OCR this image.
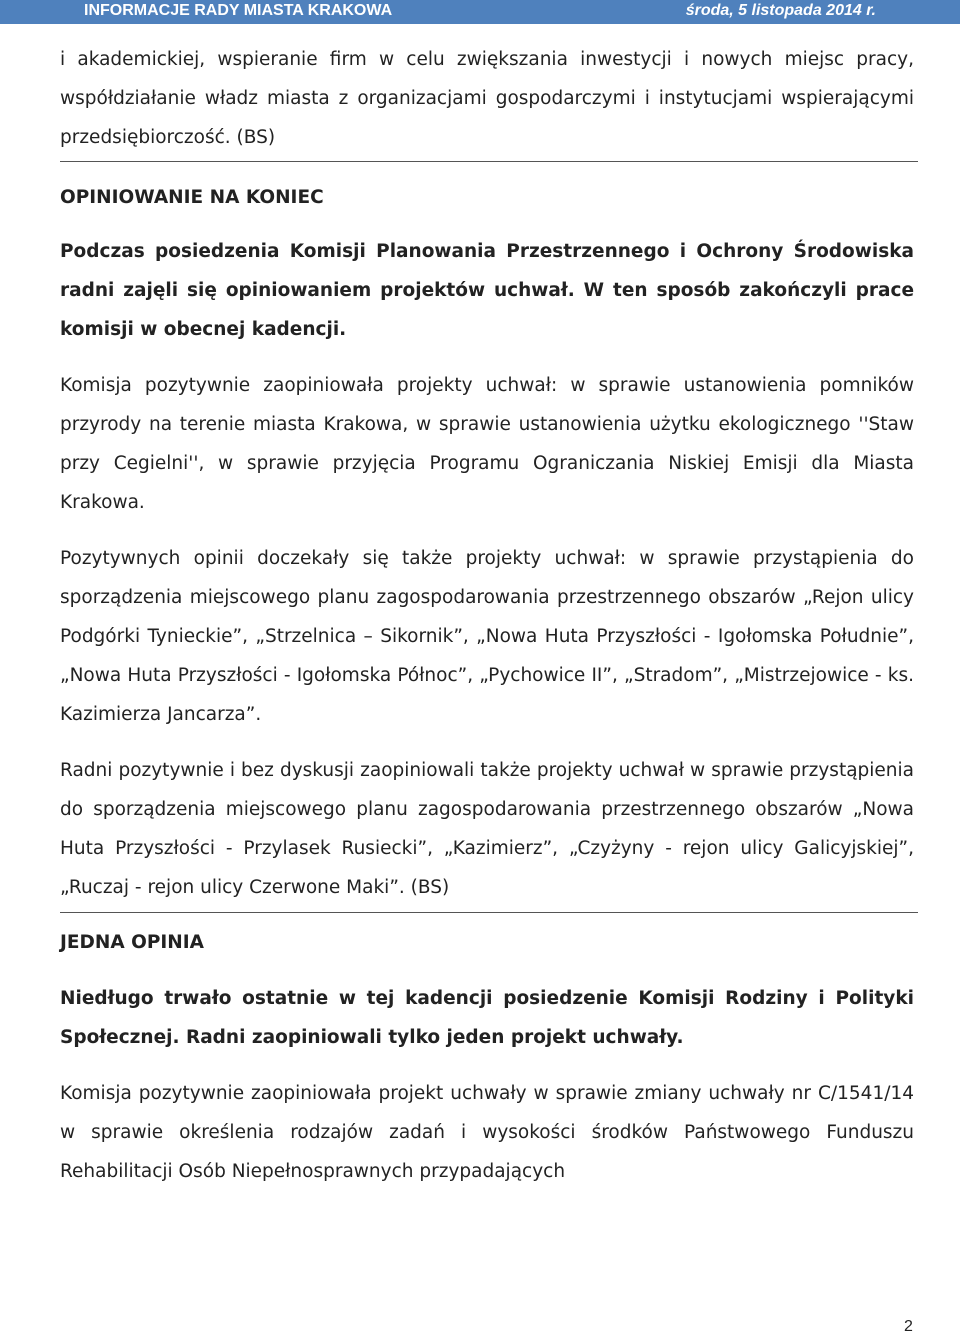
INFORMACJE RADY MIASTA KRAKOWA	środa, 5 listopada 2014 r.

i akademickiej, wspieranie firm w celu zwiększania inwestycji i nowych miejsc pracy, współdziałanie władz miasta z organizacjami gospodarczymi i instytucjami wspierającymi przedsiębiorczość. (BS)

OPINIOWANIE NA KONIEC

Podczas posiedzenia Komisji Planowania Przestrzennego i Ochrony Środowiska radni zajęli się opiniowaniem projektów uchwał. W ten sposób zakończyli prace komisji w obecnej kadencji.

Komisja pozytywnie zaopiniowała projekty uchwał: w sprawie ustanowienia pomników przyrody na terenie miasta Krakowa, w sprawie ustanowienia użytku ekologicznego ''Staw przy Cegielni'', w sprawie przyjęcia Programu Ograniczania Niskiej Emisji dla Miasta Krakowa.

Pozytywnych opinii doczekały się także projekty uchwał: w sprawie przystąpienia do sporządzenia miejscowego planu zagospodarowania przestrzennego obszarów „Rejon ulicy Podgórki Tynieckie”, „Strzelnica – Sikornik”, „Nowa Huta Przyszłości - Igołomska Południe”, „Nowa Huta Przyszłości - Igołomska Północ”, „Pychowice II”, „Stradom”, „Mistrzejowice - ks. Kazimierza Jancarza”.

Radni pozytywnie i bez dyskusji zaopiniowali także projekty uchwał w sprawie przystąpienia do sporządzenia miejscowego planu zagospodarowania przestrzennego obszarów „Nowa Huta Przyszłości - Przylasek Rusiecki”, „Kazimierz”, „Czyżyny - rejon ulicy Galicyjskiej”, „Ruczaj - rejon ulicy Czerwone Maki”. (BS)

JEDNA OPINIA

Niedługo trwało ostatnie w tej kadencji posiedzenie Komisji Rodziny i Polityki Społecznej. Radni zaopiniowali tylko jeden projekt uchwały.

Komisja pozytywnie zaopiniowała projekt uchwały w sprawie zmiany uchwały nr C/1541/14 w sprawie określenia rodzajów zadań i wysokości środków Państwowego Funduszu Rehabilitacji Osób Niepełnosprawnych przypadających

2
